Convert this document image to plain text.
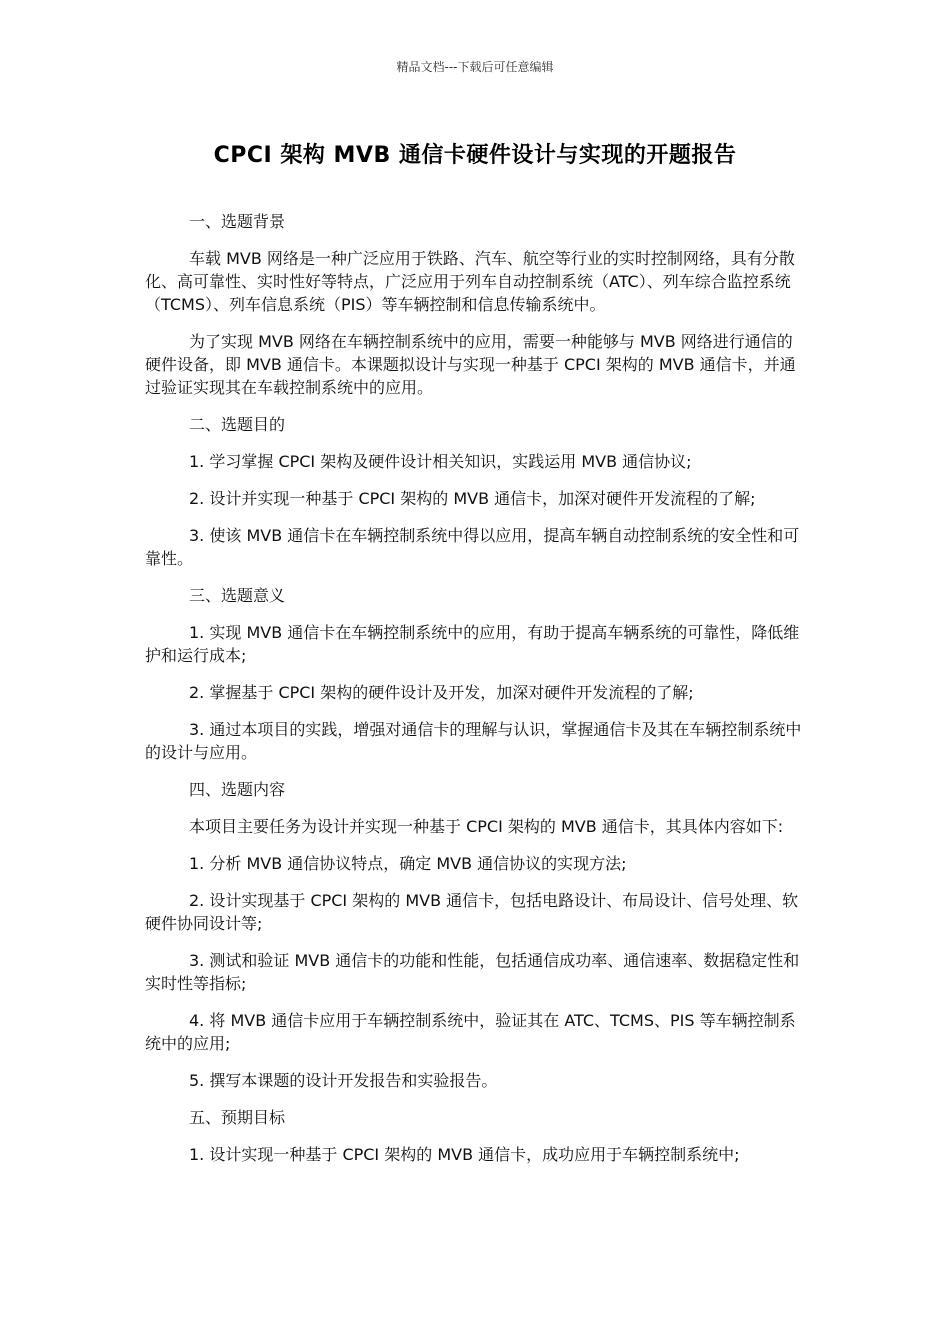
精品文档---下载后可任意编辑
CPCI 架构 MVB 通信卡硬件设计与实现的开题报告

一、选题背景

车载 MVB 网络是一种广泛应用于铁路、汽车、航空等行业的实时控制网络，具有分散化、高可靠性、实时性好等特点，广泛应用于列车自动控制系统（ATC）、列车综合监控系统（TCMS）、列车信息系统（PIS）等车辆控制和信息传输系统中。

为了实现 MVB 网络在车辆控制系统中的应用，需要一种能够与 MVB 网络进行通信的硬件设备，即 MVB 通信卡。本课题拟设计与实现一种基于 CPCI 架构的 MVB 通信卡，并通过验证实现其在车载控制系统中的应用。

二、选题目的

1. 学习掌握 CPCI 架构及硬件设计相关知识，实践运用 MVB 通信协议;

2. 设计并实现一种基于 CPCI 架构的 MVB 通信卡，加深对硬件开发流程的了解;

3. 使该 MVB 通信卡在车辆控制系统中得以应用，提高车辆自动控制系统的安全性和可靠性。

三、选题意义

1. 实现 MVB 通信卡在车辆控制系统中的应用，有助于提高车辆系统的可靠性，降低维护和运行成本;

2. 掌握基于 CPCI 架构的硬件设计及开发，加深对硬件开发流程的了解;

3. 通过本项目的实践，增强对通信卡的理解与认识，掌握通信卡及其在车辆控制系统中的设计与应用。

四、选题内容

本项目主要任务为设计并实现一种基于 CPCI 架构的 MVB 通信卡，其具体内容如下:

1. 分析 MVB 通信协议特点，确定 MVB 通信协议的实现方法;

2. 设计实现基于 CPCI 架构的 MVB 通信卡，包括电路设计、布局设计、信号处理、软硬件协同设计等;

3. 测试和验证 MVB 通信卡的功能和性能，包括通信成功率、通信速率、数据稳定性和实时性等指标;

4. 将 MVB 通信卡应用于车辆控制系统中，验证其在 ATC、TCMS、PIS 等车辆控制系统中的应用;

5. 撰写本课题的设计开发报告和实验报告。

五、预期目标

1. 设计实现一种基于 CPCI 架构的 MVB 通信卡，成功应用于车辆控制系统中;
